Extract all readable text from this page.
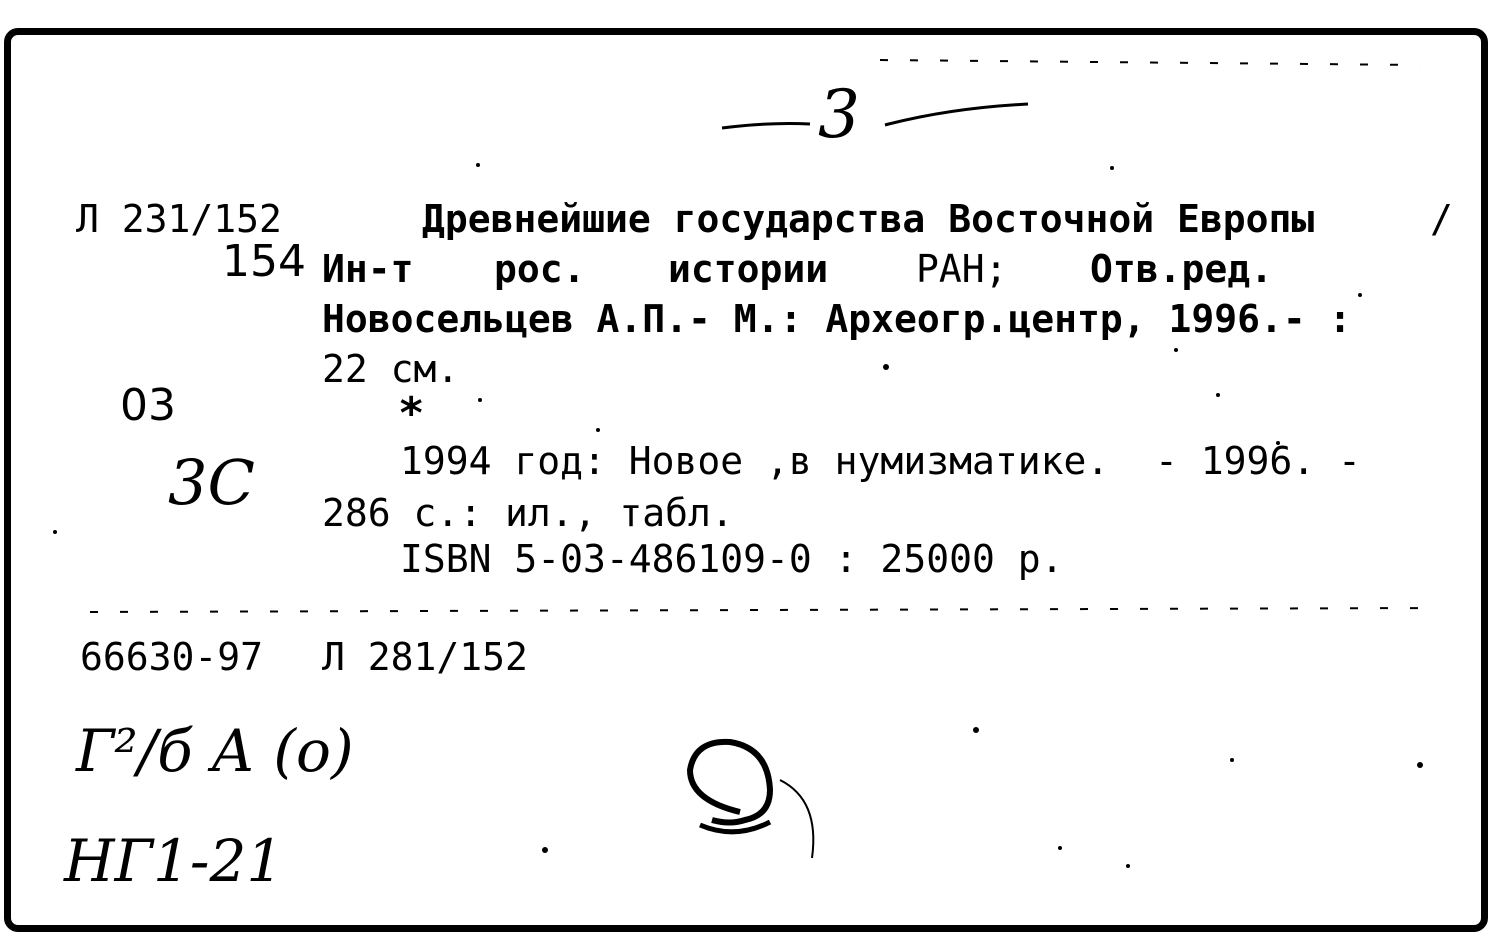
3
Л 231/152
154
Древнейшие государства Восточной Европы	/
Ин-т рос. истории РАН; Отв.ред.
Новосельцев А.П.- М.: Археогр.центр, 1996.- :
22 см.
03	*
3С	1994 год: Новое ,в нумизматике.  - 1996. -
286 с.: ил., табл.
ISBN 5-03-486109-0 : 25000 р.
66630-97 Л 281/152
Г²/б А (о)
НГ1-21
